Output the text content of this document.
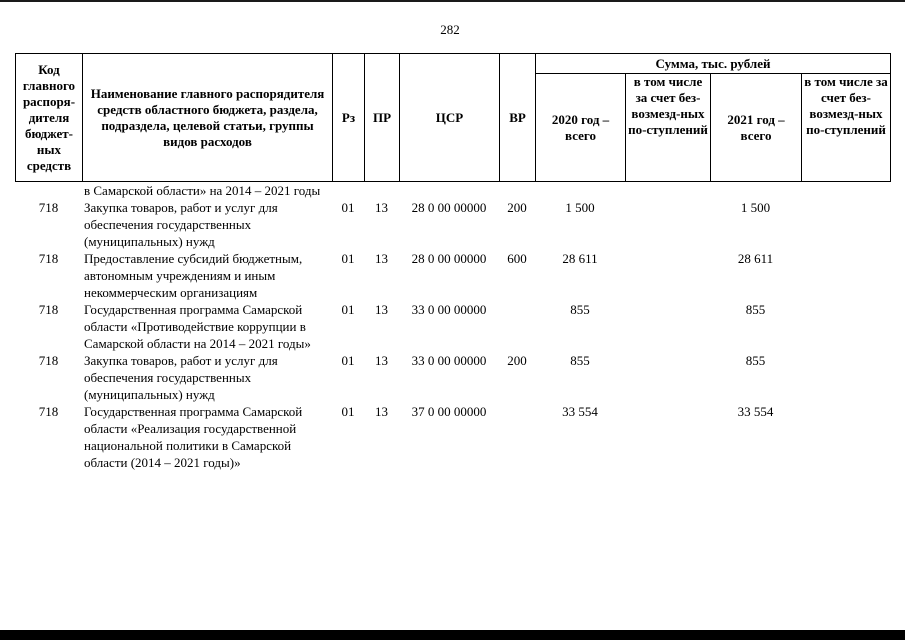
282
Код главного распоря-дителя бюджет-ных средств	Наименование главного распорядителя средств областного бюджета, раздела, подраздела, целевой статьи, группы видов расходов	Рз	ПР	ЦСР	ВР	Сумма, тыс. рублей			
						2020 год – всего	в том числе за счет без-возмезд-ных по-ступлений	2021 год – всего	в том числе за счет без-возмезд-ных по-ступлений
	в Самарской области» на 2014 – 2021 годы								
718	Закупка товаров, работ и услуг для обеспечения государственных (муниципальных) нужд	01	13	28 0 00 00000	200	1 500		1 500	
718	Предоставление субсидий бюджетным, автономным учреждениям и иным некоммерческим организациям	01	13	28 0 00 00000	600	28 611		28 611	
718	Государственная программа Самарской области «Противодействие коррупции в Самарской области на 2014 – 2021 годы»	01	13	33 0 00 00000		855		855	
718	Закупка товаров, работ и услуг для обеспечения государственных (муниципальных) нужд	01	13	33 0 00 00000	200	855		855	
718	Государственная программа Самарской области «Реализация государственной национальной политики в Самарской области (2014 – 2021 годы)»	01	13	37 0 00 00000		33 554		33 554	
